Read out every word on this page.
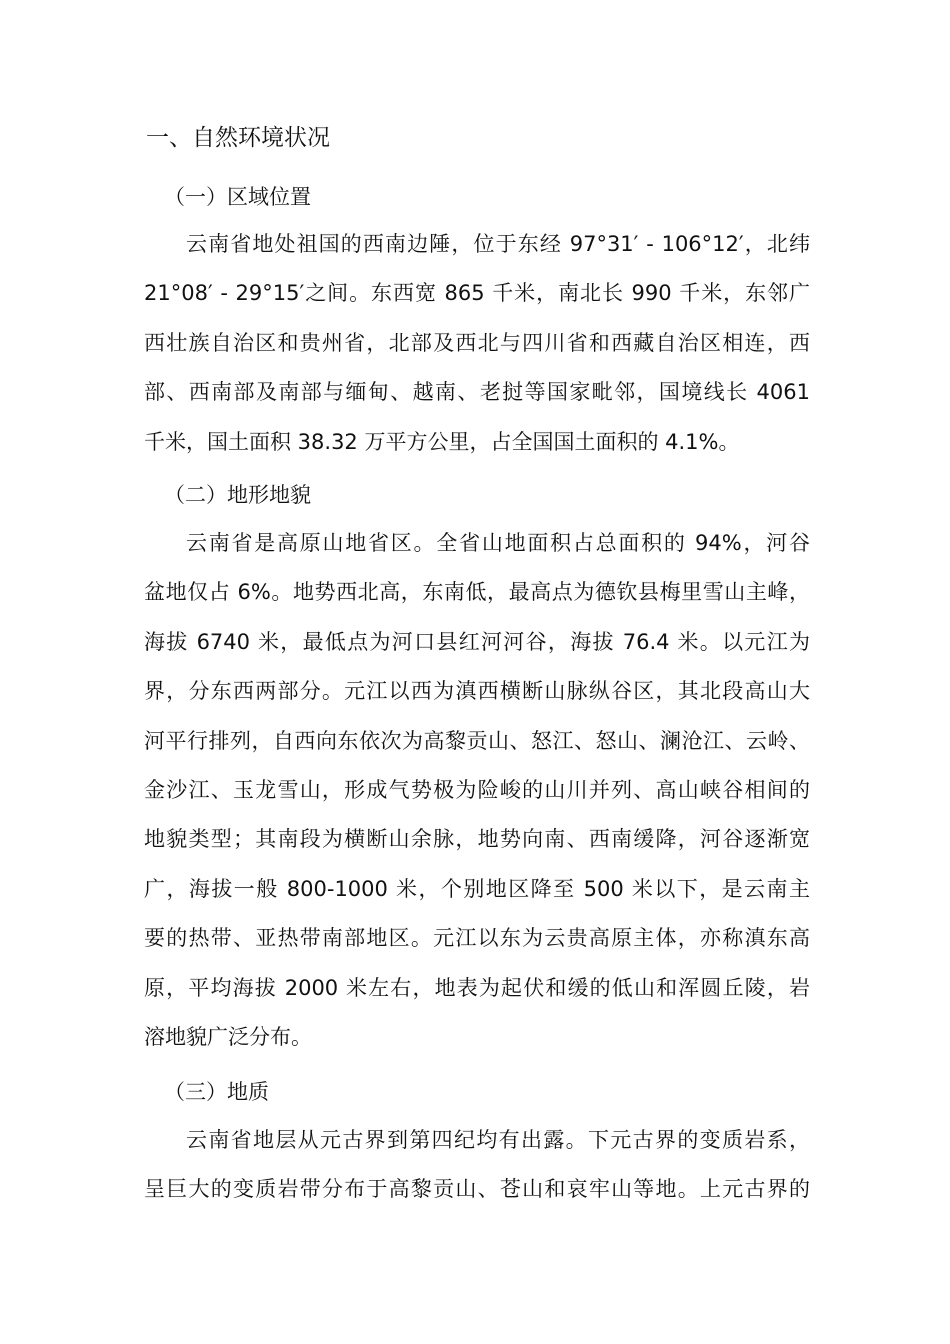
一、自然环境状况
（一）区域位置
云南省地处祖国的西南边陲，位于东经 97°31′ - 106°12′，北纬
21°08′ - 29°15′之间。东西宽 865 千米，南北长 990 千米，东邻广
西壮族自治区和贵州省，北部及西北与四川省和西藏自治区相连，西
部、西南部及南部与缅甸、越南、老挝等国家毗邻，国境线长 4061
千米，国土面积 38.32 万平方公里，占全国国土面积的 4.1%。
（二）地形地貌
云南省是高原山地省区。全省山地面积占总面积的 94%，河谷
盆地仅占 6%。地势西北高，东南低，最高点为德钦县梅里雪山主峰，
海拔 6740 米，最低点为河口县红河河谷，海拔 76.4 米。以元江为
界，分东西两部分。元江以西为滇西横断山脉纵谷区，其北段高山大
河平行排列，自西向东依次为高黎贡山、怒江、怒山、澜沧江、云岭、
金沙江、玉龙雪山，形成气势极为险峻的山川并列、高山峡谷相间的
地貌类型；其南段为横断山余脉，地势向南、西南缓降，河谷逐渐宽
广，海拔一般 800-1000 米，个别地区降至 500 米以下，是云南主
要的热带、亚热带南部地区。元江以东为云贵高原主体，亦称滇东高
原，平均海拔 2000 米左右，地表为起伏和缓的低山和浑圆丘陵，岩
溶地貌广泛分布。
（三）地质
云南省地层从元古界到第四纪均有出露。下元古界的变质岩系，
呈巨大的变质岩带分布于高黎贡山、苍山和哀牢山等地。上元古界的
